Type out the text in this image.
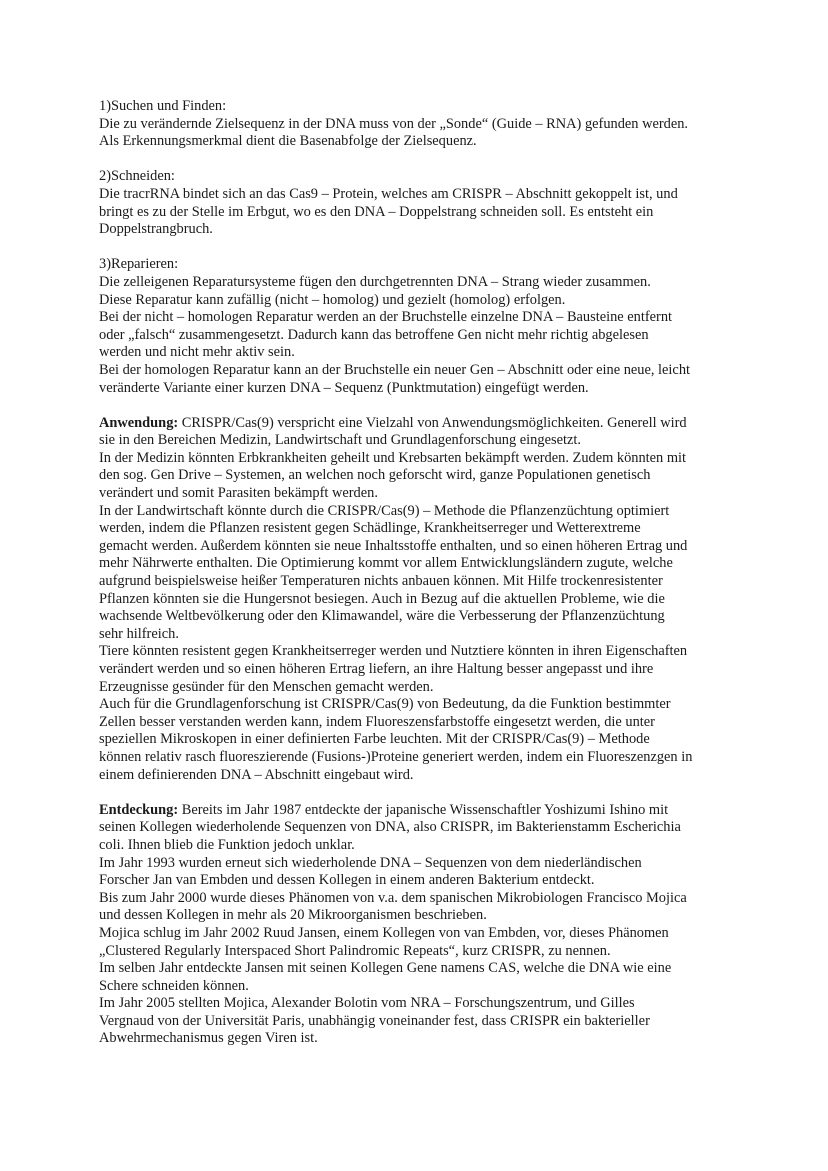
1)Suchen und Finden:
Die zu verändernde Zielsequenz in der DNA muss von der „Sonde“ (Guide – RNA) gefunden werden.
Als Erkennungsmerkmal dient die Basenabfolge der Zielsequenz.
2)Schneiden:
Die tracrRNA bindet sich an das Cas9 – Protein, welches am CRISPR – Abschnitt gekoppelt ist, und
bringt es zu der Stelle im Erbgut, wo es den DNA – Doppelstrang schneiden soll. Es entsteht ein
Doppelstrangbruch.
3)Reparieren:
Die zelleigenen Reparatursysteme fügen den durchgetrennten DNA – Strang wieder zusammen.
Diese Reparatur kann zufällig (nicht – homolog) und gezielt (homolog) erfolgen.
Bei der nicht – homologen Reparatur werden an der Bruchstelle einzelne DNA – Bausteine entfernt
oder „falsch“ zusammengesetzt. Dadurch kann das betroffene Gen nicht mehr richtig abgelesen
werden und nicht mehr aktiv sein.
Bei der homologen Reparatur kann an der Bruchstelle ein neuer Gen – Abschnitt oder eine neue, leicht
veränderte Variante einer kurzen DNA – Sequenz (Punktmutation) eingefügt werden.
Anwendung: CRISPR/Cas(9) verspricht eine Vielzahl von Anwendungsmöglichkeiten. Generell wird
sie in den Bereichen Medizin, Landwirtschaft und Grundlagenforschung eingesetzt.
In der Medizin könnten Erbkrankheiten geheilt und Krebsarten bekämpft werden. Zudem könnten mit
den sog. Gen Drive – Systemen, an welchen noch geforscht wird, ganze Populationen genetisch
verändert und somit Parasiten bekämpft werden.
In der Landwirtschaft könnte durch die CRISPR/Cas(9) – Methode die Pflanzenzüchtung optimiert
werden, indem die Pflanzen resistent gegen Schädlinge, Krankheitserreger und Wetterextreme
gemacht werden. Außerdem könnten sie neue Inhaltsstoffe enthalten, und so einen höheren Ertrag und
mehr Nährwerte enthalten. Die Optimierung kommt vor allem Entwicklungsländern zugute, welche
aufgrund beispielsweise heißer Temperaturen nichts anbauen können. Mit Hilfe trockenresistenter
Pflanzen könnten sie die Hungersnot besiegen. Auch in Bezug auf die aktuellen Probleme, wie die
wachsende Weltbevölkerung oder den Klimawandel, wäre die Verbesserung der Pflanzenzüchtung
sehr hilfreich.
Tiere könnten resistent gegen Krankheitserreger werden und Nutztiere könnten in ihren Eigenschaften
verändert werden und so einen höheren Ertrag liefern, an ihre Haltung besser angepasst und ihre
Erzeugnisse gesünder für den Menschen gemacht werden.
Auch für die Grundlagenforschung ist CRISPR/Cas(9) von Bedeutung, da die Funktion bestimmter
Zellen besser verstanden werden kann, indem Fluoreszensfarbstoffe eingesetzt werden, die unter
speziellen Mikroskopen in einer definierten Farbe leuchten. Mit der CRISPR/Cas(9) – Methode
können relativ rasch fluoreszierende (Fusions-)Proteine generiert werden, indem ein Fluoreszenzgen in
einem definierenden DNA – Abschnitt eingebaut wird.
Entdeckung: Bereits im Jahr 1987 entdeckte der japanische Wissenschaftler Yoshizumi Ishino mit
seinen Kollegen wiederholende Sequenzen von DNA, also CRISPR, im Bakterienstamm Escherichia
coli. Ihnen blieb die Funktion jedoch unklar.
Im Jahr 1993 wurden erneut sich wiederholende DNA – Sequenzen von dem niederländischen
Forscher Jan van Embden und dessen Kollegen in einem anderen Bakterium entdeckt.
Bis zum Jahr 2000 wurde dieses Phänomen von v.a. dem spanischen Mikrobiologen Francisco Mojica
und dessen Kollegen in mehr als 20 Mikroorganismen beschrieben.
Mojica schlug im Jahr 2002 Ruud Jansen, einem Kollegen von van Embden, vor, dieses Phänomen
„Clustered Regularly Interspaced Short Palindromic Repeats“, kurz CRISPR, zu nennen.
Im selben Jahr entdeckte Jansen mit seinen Kollegen Gene namens CAS, welche die DNA wie eine
Schere schneiden können.
Im Jahr 2005 stellten Mojica, Alexander Bolotin vom NRA – Forschungszentrum, und Gilles
Vergnaud von der Universität Paris, unabhängig voneinander fest, dass CRISPR ein bakterieller
Abwehrmechanismus gegen Viren ist.
